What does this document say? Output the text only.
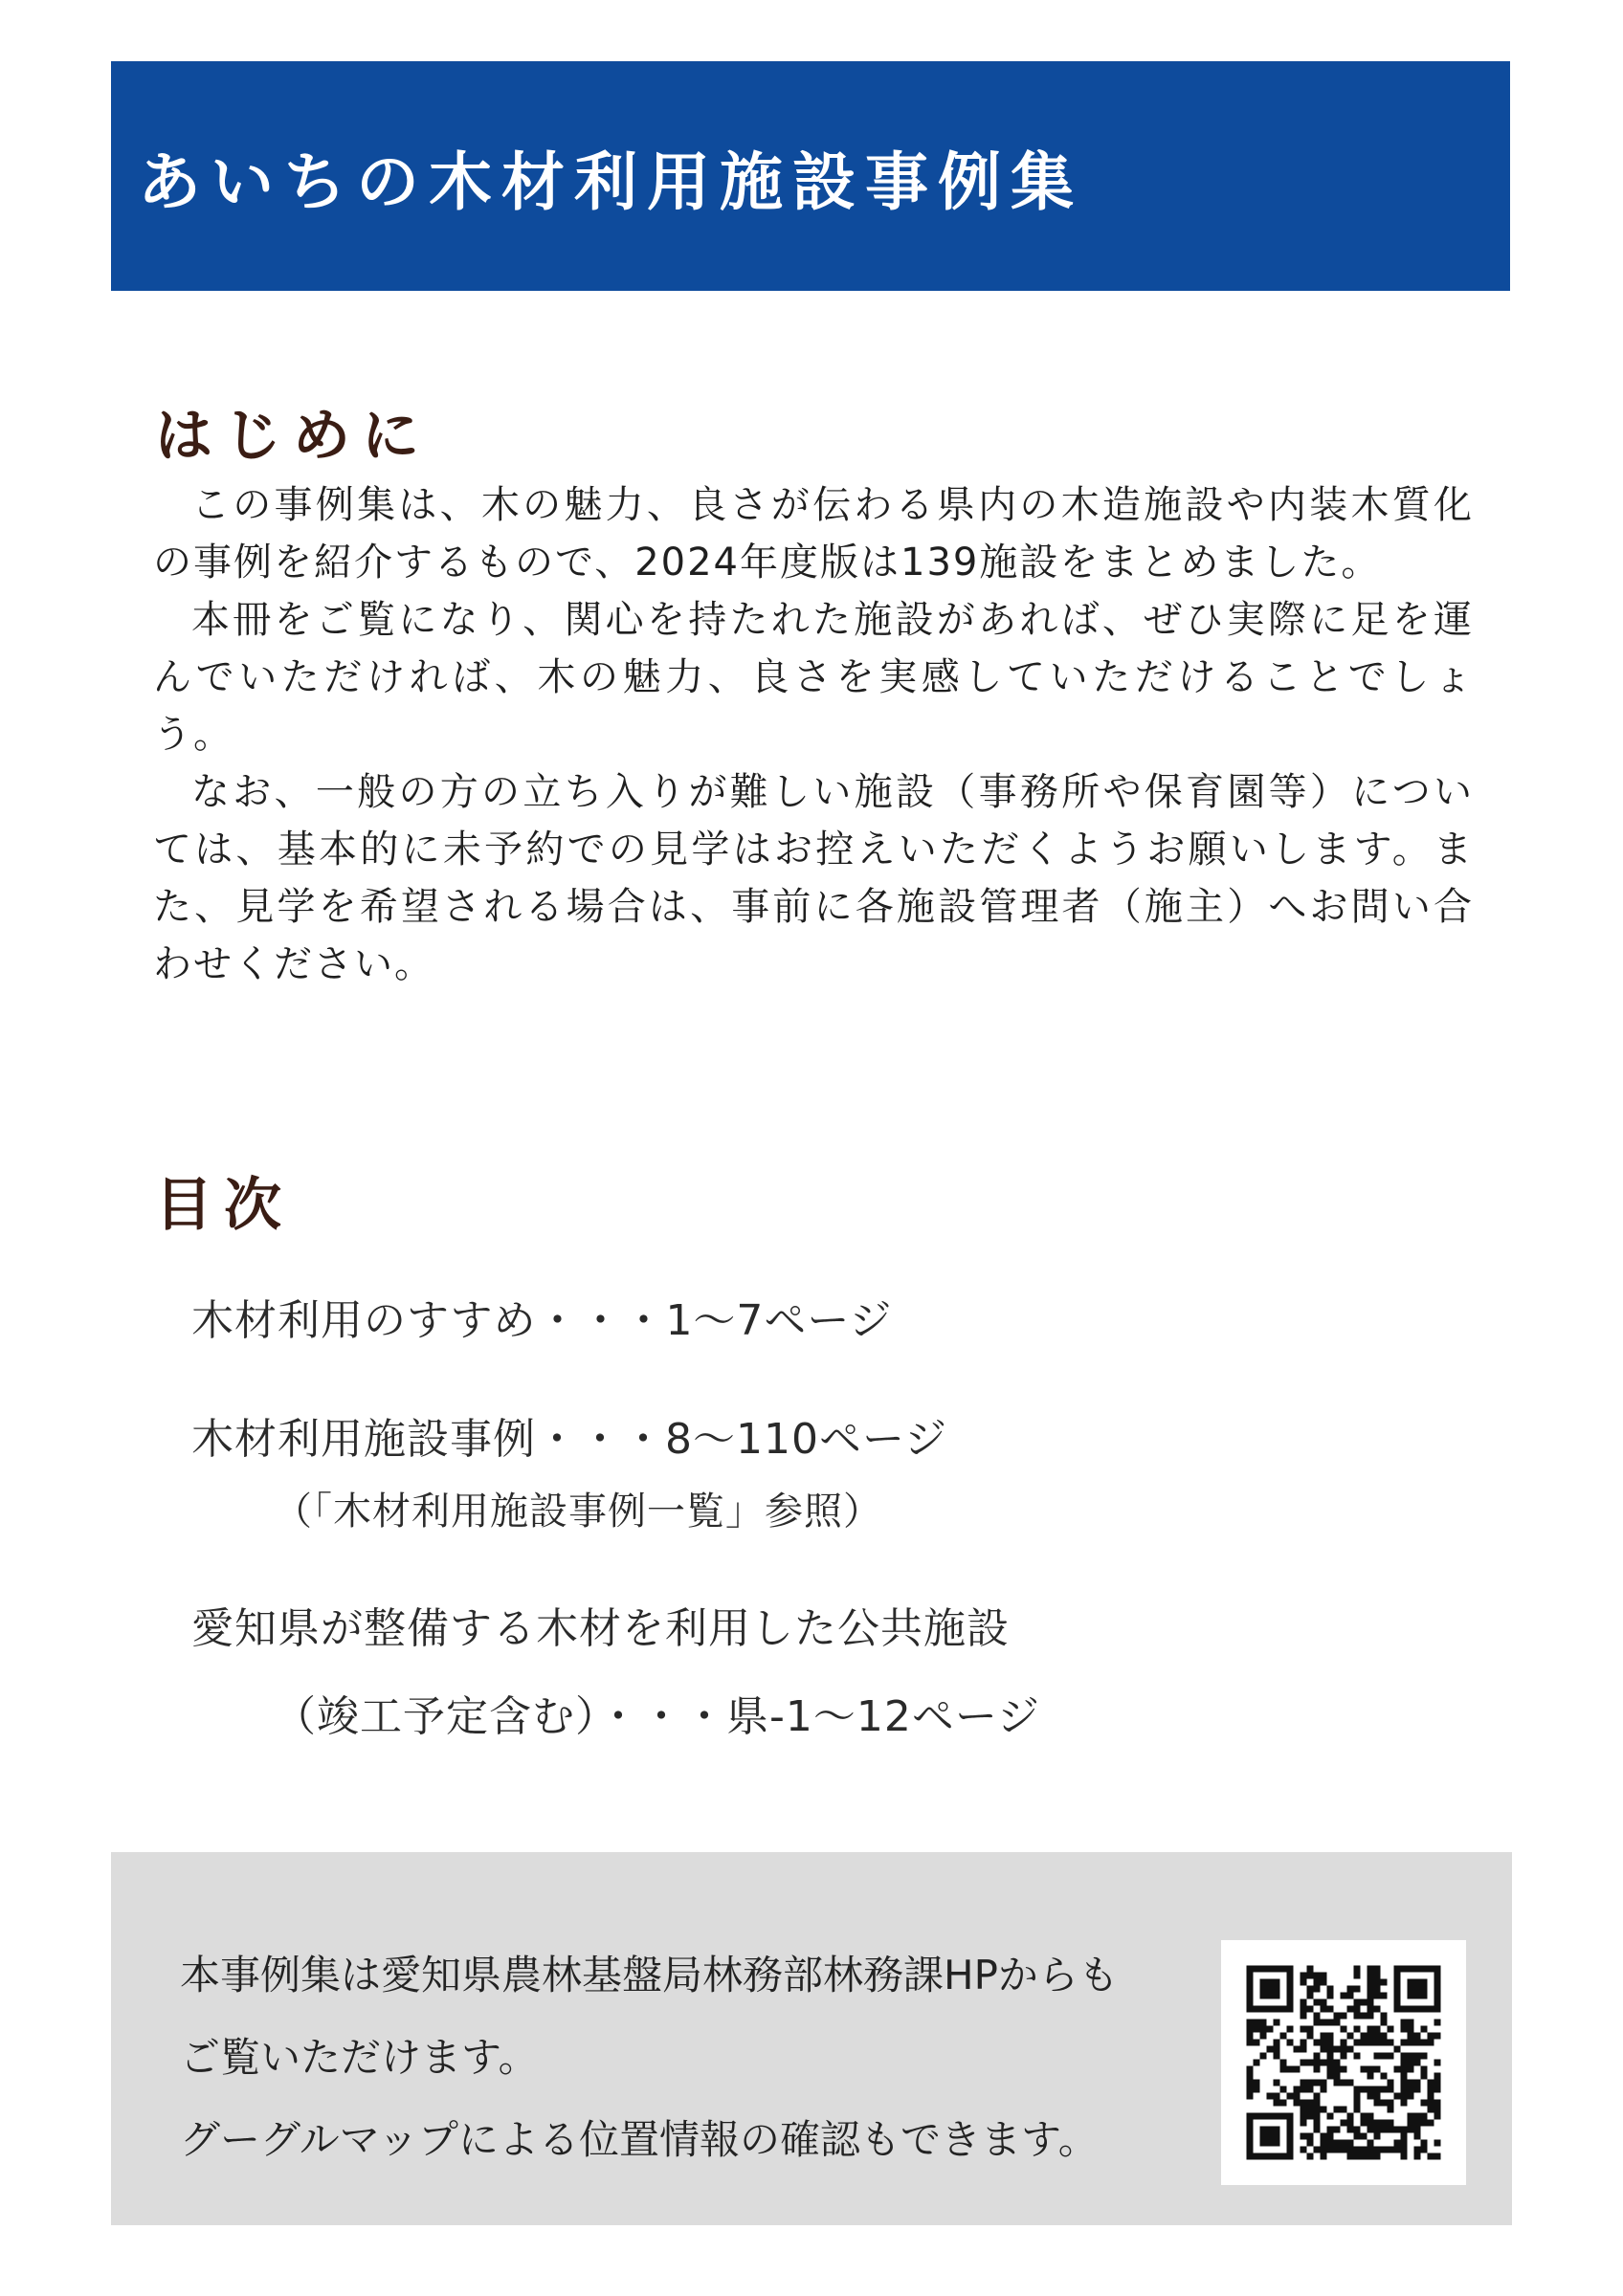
あいちの木材利用施設事例集
はじめに

この事例集は、木の魅力、良さが伝わる県内の木造施設や内装木質化の事例を紹介するもので、2024年度版は139施設をまとめました。

本冊をご覧になり、関心を持たれた施設があれば、ぜひ実際に足を運んでいただければ、木の魅力、良さを実感していただけることでしょう。

なお、一般の方の立ち入りが難しい施設（事務所や保育園等）については、基本的に未予約での見学はお控えいただくようお願いします。また、見学を希望される場合は、事前に各施設管理者（施主）へお問い合わせください。

目次

木材利用のすすめ・・・1〜7ページ

木材利用施設事例・・・8〜110ページ

（「木材利用施設事例一覧」参照）

愛知県が整備する木材を利用した公共施設

（竣工予定含む）・・・県-1〜12ページ

本事例集は愛知県農林基盤局林務部林務課HPからも
ご覧いただけます。
グーグルマップによる位置情報の確認もできます。
